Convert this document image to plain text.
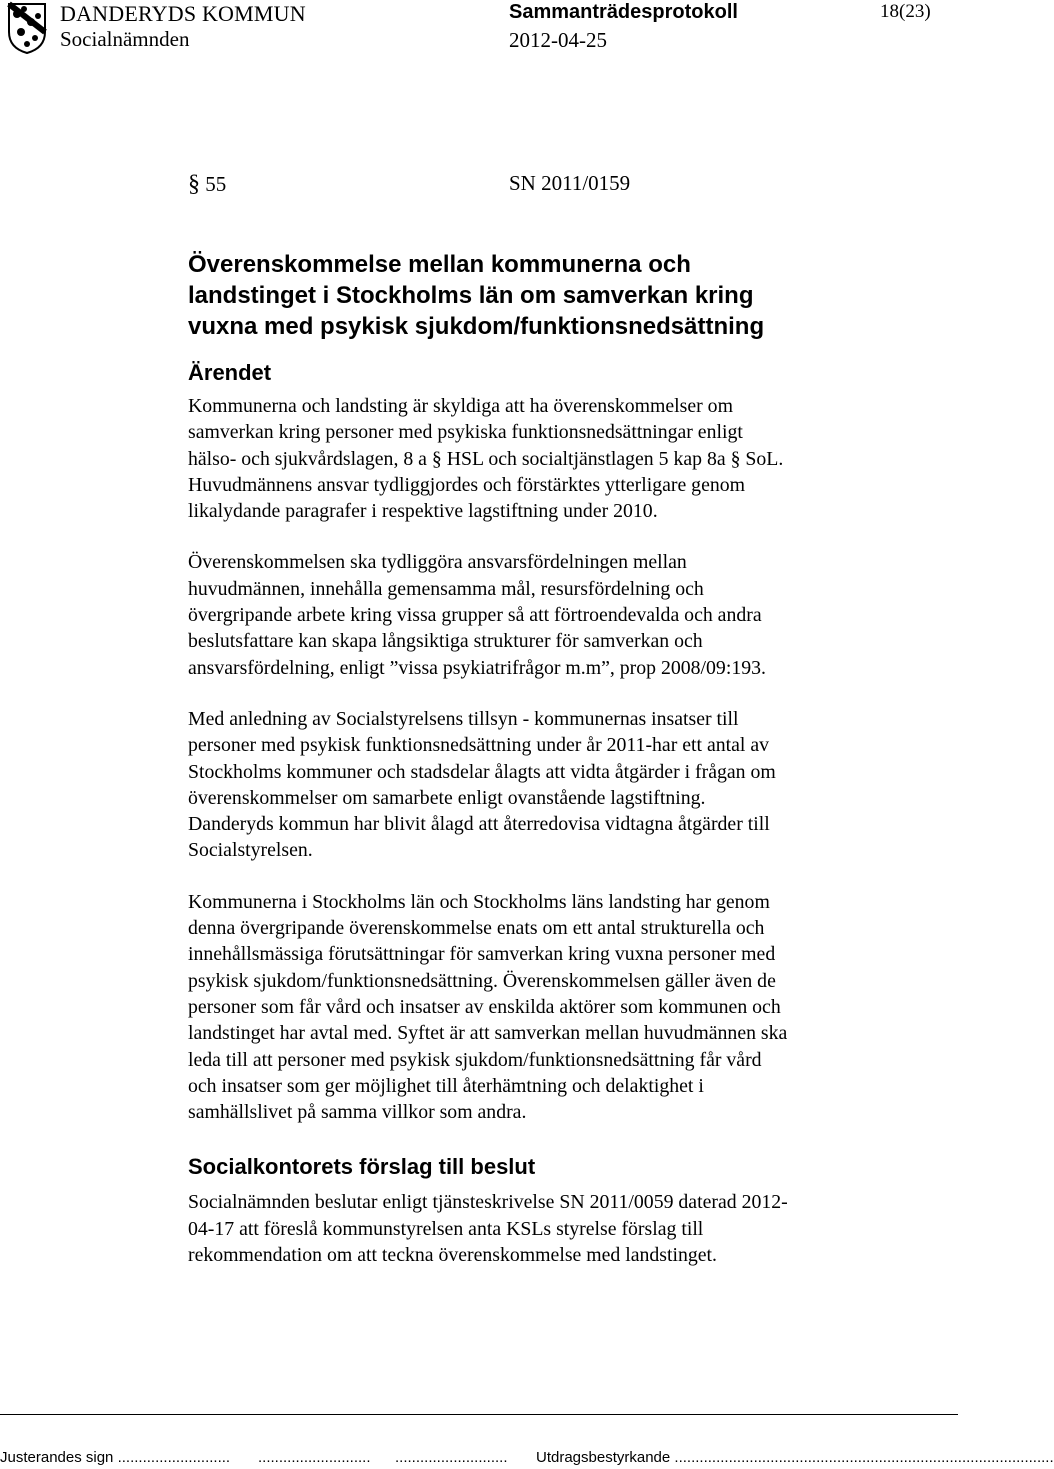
DANDERYDS KOMMUN
Socialnämnden
Sammanträdesprotokoll
2012-04-25
18(23)
§ 55	SN 2011/0159
Överenskommelse mellan kommunerna och
landstinget i Stockholms län om samverkan kring
vuxna med psykisk sjukdom/funktionsnedsättning
Ärendet
Kommunerna och landsting är skyldiga att ha överenskommelser om
samverkan kring personer med psykiska funktionsnedsättningar enligt
hälso- och sjukvårdslagen, 8 a § HSL och socialtjänstlagen 5 kap 8a § SoL.
Huvudmännens ansvar tydliggjordes och förstärktes ytterligare genom
likalydande paragrafer i respektive lagstiftning under 2010.
Överenskommelsen ska tydliggöra ansvarsfördelningen mellan
huvudmännen, innehålla gemensamma mål, resursfördelning och
övergripande arbete kring vissa grupper så att förtroendevalda och andra
beslutsfattare kan skapa långsiktiga strukturer för samverkan och
ansvarsfördelning, enligt ”vissa psykiatrifrågor m.m”, prop 2008/09:193.
Med anledning av Socialstyrelsens tillsyn - kommunernas insatser till
personer med psykisk funktionsnedsättning under år 2011-har ett antal av
Stockholms kommuner och stadsdelar ålagts att vidta åtgärder i frågan om
överenskommelser om samarbete enligt ovanstående lagstiftning.
Danderyds kommun har blivit ålagd att återredovisa vidtagna åtgärder till
Socialstyrelsen.
Kommunerna i Stockholms län och Stockholms läns landsting har genom
denna övergripande överenskommelse enats om ett antal strukturella och
innehållsmässiga förutsättningar för samverkan kring vuxna personer med
psykisk sjukdom/funktionsnedsättning. Överenskommelsen gäller även de
personer som får vård och insatser av enskilda aktörer som kommunen och
landstinget har avtal med. Syftet är att samverkan mellan huvudmännen ska
leda till att personer med psykisk sjukdom/funktionsnedsättning får vård
och insatser som ger möjlighet till återhämtning och delaktighet i
samhällslivet på samma villkor som andra.
Socialkontorets förslag till beslut
Socialnämnden beslutar enligt tjänsteskrivelse SN 2011/0059 daterad 2012-
04-17 att föreslå kommunstyrelsen anta KSLs styrelse förslag till
rekommendation om att teckna överenskommelse med landstinget.
Justerandes sign ........................... ........................... ........................... Utdragsbestyrkande ...........................................................................................
